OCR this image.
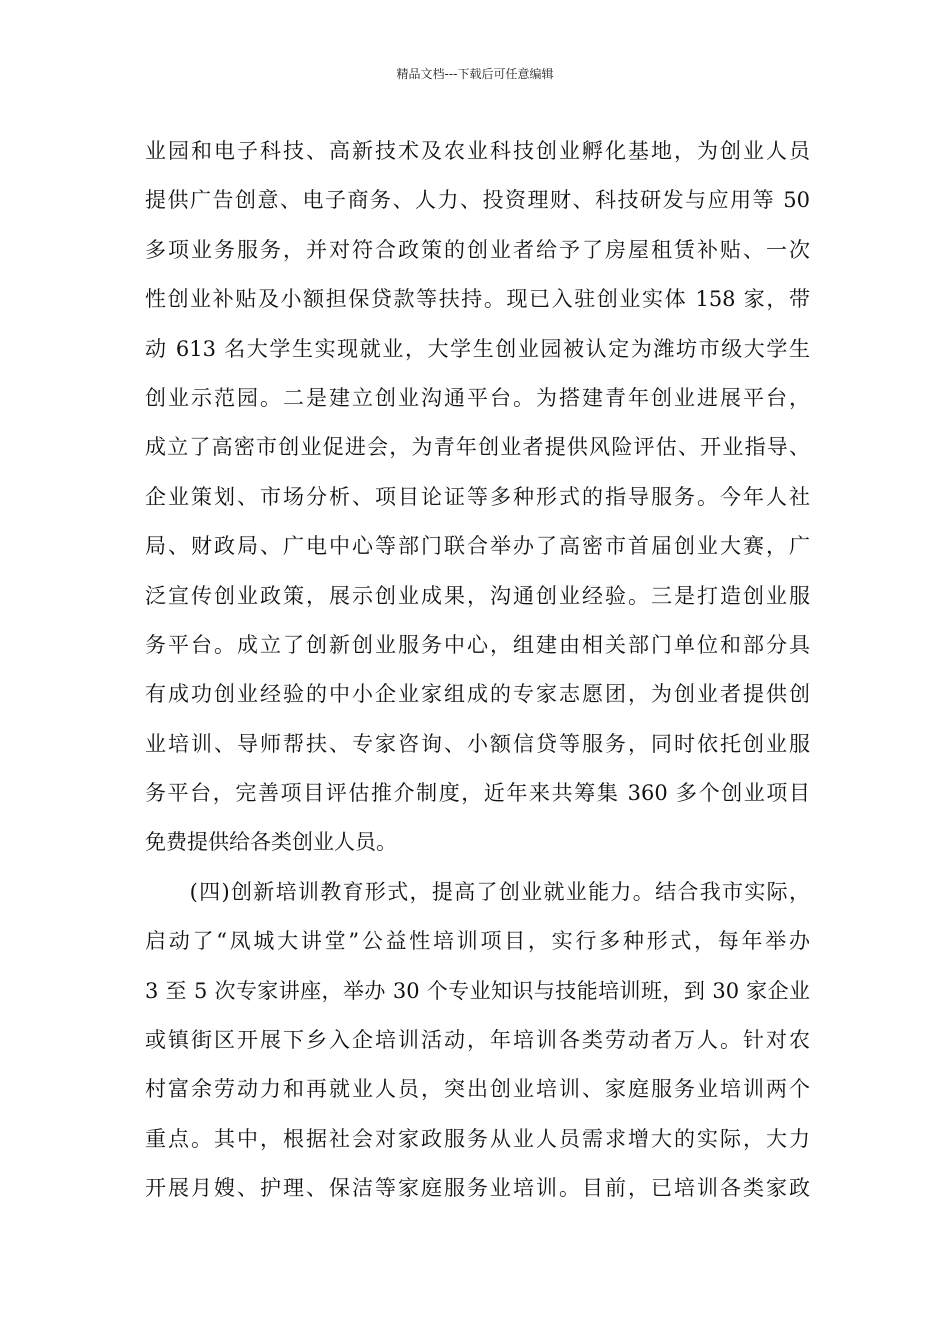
精品文档---下载后可任意编辑
业园和电子科技、高新技术及农业科技创业孵化基地，为创业人员
提供广告创意、电子商务、人力、投资理财、科技研发与应用等 50
多项业务服务，并对符合政策的创业者给予了房屋租赁补贴、一次
性创业补贴及小额担保贷款等扶持。现已入驻创业实体 158 家，带
动 613 名大学生实现就业，大学生创业园被认定为潍坊市级大学生
创业示范园。二是建立创业沟通平台。为搭建青年创业进展平台，
成立了高密市创业促进会，为青年创业者提供风险评估、开业指导、
企业策划、市场分析、项目论证等多种形式的指导服务。今年人社
局、财政局、广电中心等部门联合举办了高密市首届创业大赛，广
泛宣传创业政策，展示创业成果，沟通创业经验。三是打造创业服
务平台。成立了创新创业服务中心，组建由相关部门单位和部分具
有成功创业经验的中小企业家组成的专家志愿团，为创业者提供创
业培训、导师帮扶、专家咨询、小额信贷等服务，同时依托创业服
务平台，完善项目评估推介制度，近年来共筹集 360 多个创业项目
免费提供给各类创业人员。
　　(四)创新培训教育形式，提高了创业就业能力。结合我市实际，
启动了“凤城大讲堂”公益性培训项目，实行多种形式，每年举办
3 至 5 次专家讲座，举办 30 个专业知识与技能培训班，到 30 家企业
或镇街区开展下乡入企培训活动，年培训各类劳动者万人。针对农
村富余劳动力和再就业人员，突出创业培训、家庭服务业培训两个
重点。其中，根据社会对家政服务从业人员需求增大的实际，大力
开展月嫂、护理、保洁等家庭服务业培训。目前，已培训各类家政
